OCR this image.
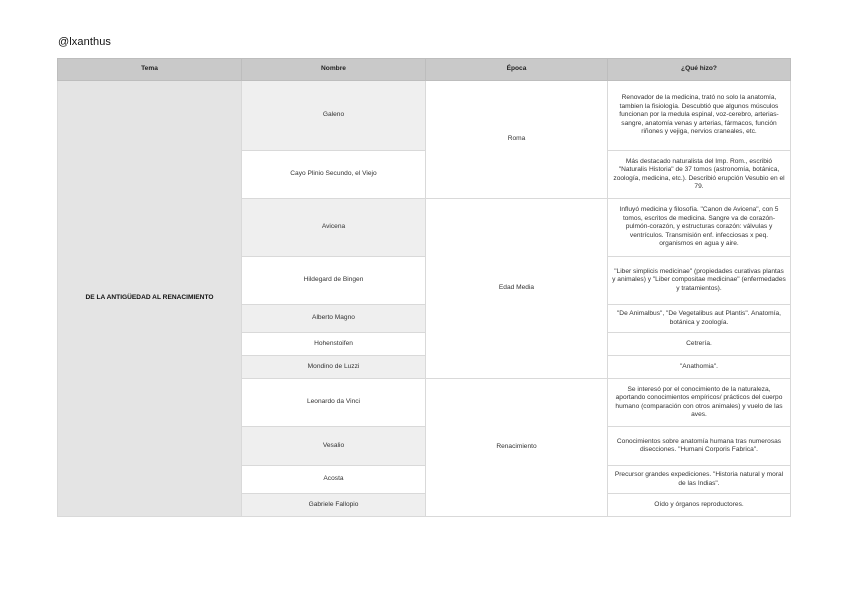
@lxanthus
Tema	Nombre	Época	¿Qué hizo?
DE LA ANTIGÜEDAD AL RENACIMIENTO	Galeno	Roma	Renovador de la medicina, trató no solo la anatomía, tambien la fisiología. Descubtió que algunos músculos funcionan por la medula espinal, voz-cerebro, arterias-sangre, anatomía venas y arterias, fármacos, función riñones y vejiga, nervios craneales, etc.
	Cayo Plinio Secundo, el Viejo		Más destacado naturalista del Imp. Rom., escribió "Naturalis Historia" de 37 tomos (astronomía, botánica, zoología, medicina, etc.). Describió erupción Vesubio en el 79.
	Avicena	Edad Media	Influyó medicina y filosofía. "Canon de Avicena", con 5 tomos, escritos de medicina. Sangre va de corazón-pulmón-corazón, y estructuras corazón: válvulas y ventrículos. Transmisión enf. infecciosas x peq. organismos en agua y aire.
	Hildegard de Bingen		"Liber simplicis medicinae" (propiedades curativas plantas y animales) y "Liber compositae medicinae" (enfermedades y tratamientos).
	Alberto Magno		"De Animalbus", "De Vegetalibus aut Plantis". Anatomía, botánica y zoología.
	Hohenstoifen		Cetrería.
	Mondino de Luzzi		"Anathomia".
	Leonardo da Vinci	Renacimiento	Se interesó por el conocimiento de la naturaleza, aportando conocimientos empíricos/ prácticos del cuerpo humano (comparación con otros animales) y vuelo de las aves.
	Vesalio		Conocimientos sobre anatomía humana tras numerosas disecciones. "Humani Corporis Fabrica".
	Acosta		Precursor grandes expediciones. "Historia natural y moral de las Indias".
	Gabriele Fallopio		Oído y órganos reproductores.
